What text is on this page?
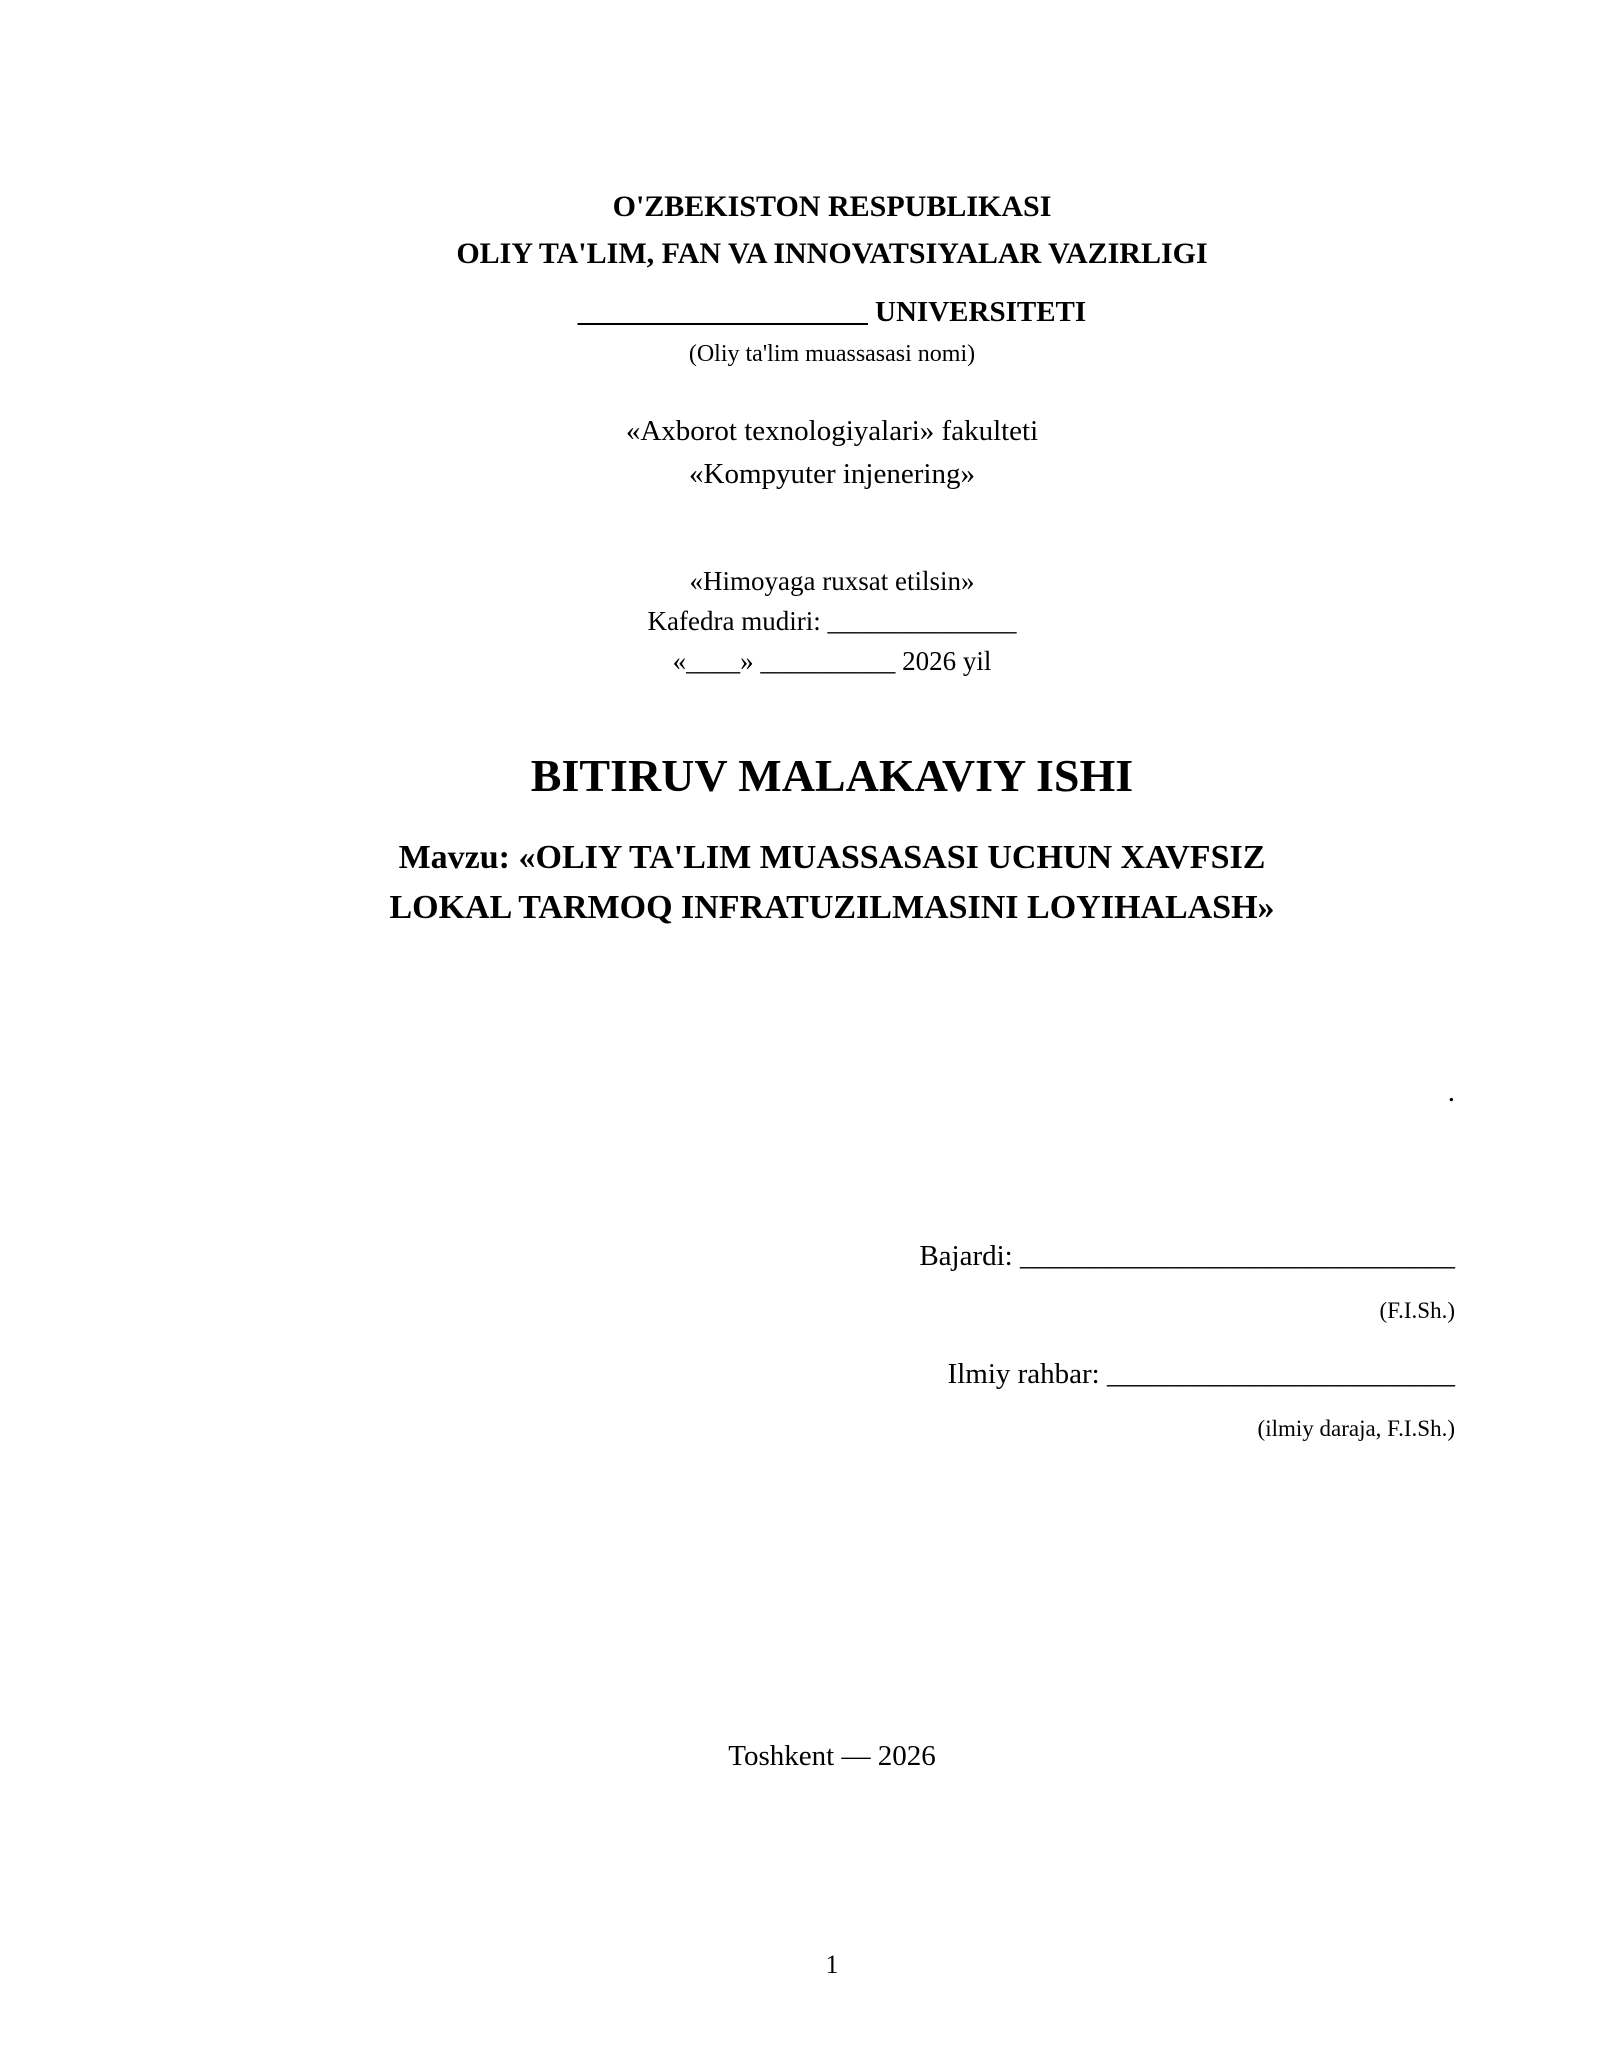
O'ZBEKISTON RESPUBLIKASI
OLIY TA'LIM, FAN VA INNOVATSIYALAR VAZIRLIGI
____________________ UNIVERSITETI
(Oliy ta'lim muassasasi nomi)
«Axborot texnologiyalari» fakulteti
«Kompyuter injenering»
«Himoyaga ruxsat etilsin»
Kafedra mudiri: ______________
«____» __________ 2026 yil
BITIRUV MALAKAVIY ISHI
Mavzu: «OLIY TA'LIM MUASSASASI UCHUN XAVFSIZ
LOKAL TARMOQ INFRATUZILMASINI LOYIHALASH»
.
Bajardi: ______________________________
(F.I.Sh.)
Ilmiy rahbar: ________________________
(ilmiy daraja, F.I.Sh.)
Toshkent — 2026
1
